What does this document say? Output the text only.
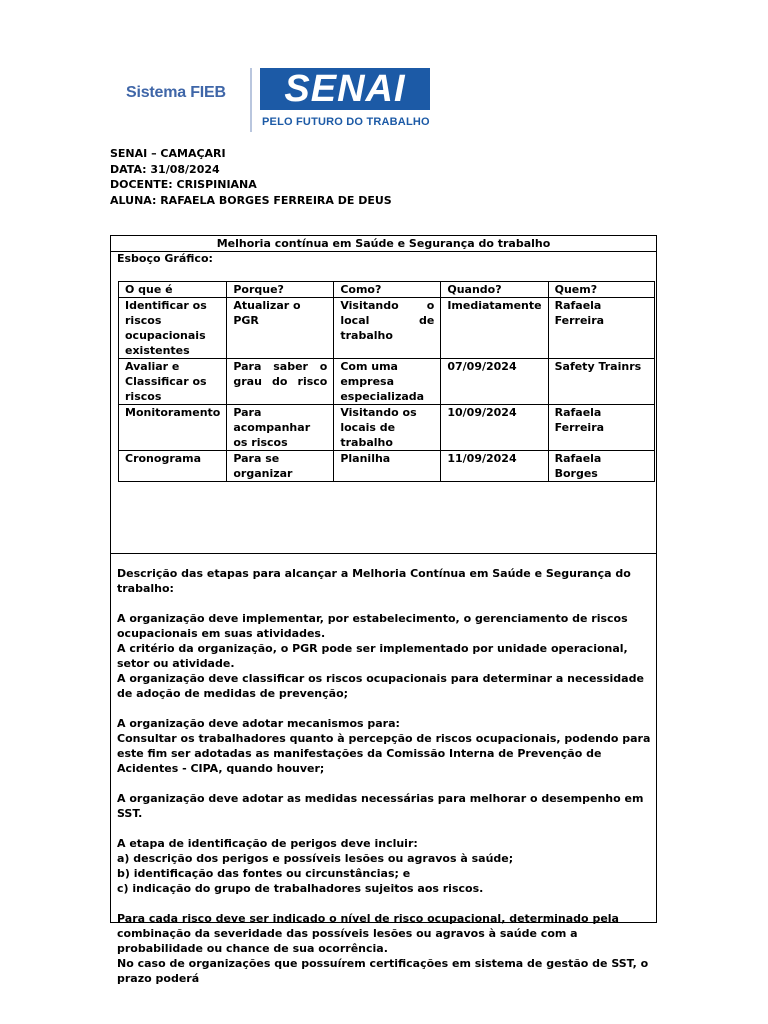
Sistema FIEB	SENAI
PELO FUTURO DO TRABALHO
SENAI – CAMAÇARI
DATA: 31/08/2024
DOCENTE: CRISPINIANA
ALUNA: RAFAELA BORGES FERREIRA DE DEUS
Melhoria contínua em Saúde e Segurança do trabalho
Esboço Gráfico:
O que é	Porque?	Como?	Quando?	Quem?
Identificar os riscos ocupacionais existentes	Atualizar o PGR	Visitando o local de trabalho	Imediatamente	Rafaela Ferreira
Avaliar e Classificar os riscos	Para saber o grau do risco	Com uma empresa especializada	07/09/2024	Safety Trainrs
Monitoramento	Para acompanhar os riscos	Visitando os locais de trabalho	10/09/2024	Rafaela Ferreira
Cronograma	Para se organizar	Planilha	11/09/2024	Rafaela Borges

Descrição das etapas para alcançar a Melhoria Contínua em Saúde e Segurança do trabalho:

A organização deve implementar, por estabelecimento, o gerenciamento de riscos ocupacionais em suas atividades.

A critério da organização, o PGR pode ser implementado por unidade operacional, setor ou atividade.

A organização deve classificar os riscos ocupacionais para determinar a necessidade de adoção de medidas de prevenção;

A organização deve adotar mecanismos para:

Consultar os trabalhadores quanto à percepção de riscos ocupacionais, podendo para este fim ser adotadas as manifestações da Comissão Interna de Prevenção de Acidentes - CIPA, quando houver;

A organização deve adotar as medidas necessárias para melhorar o desempenho em SST.

A etapa de identificação de perigos deve incluir:

a) descrição dos perigos e possíveis lesões ou agravos à saúde;

b) identificação das fontes ou circunstâncias; e

c) indicação do grupo de trabalhadores sujeitos aos riscos.

Para cada risco deve ser indicado o nível de risco ocupacional, determinado pela combinação da severidade das possíveis lesões ou agravos à saúde com a probabilidade ou chance de sua ocorrência.

No caso de organizações que possuírem certificações em sistema de gestão de SST, o prazo poderá
